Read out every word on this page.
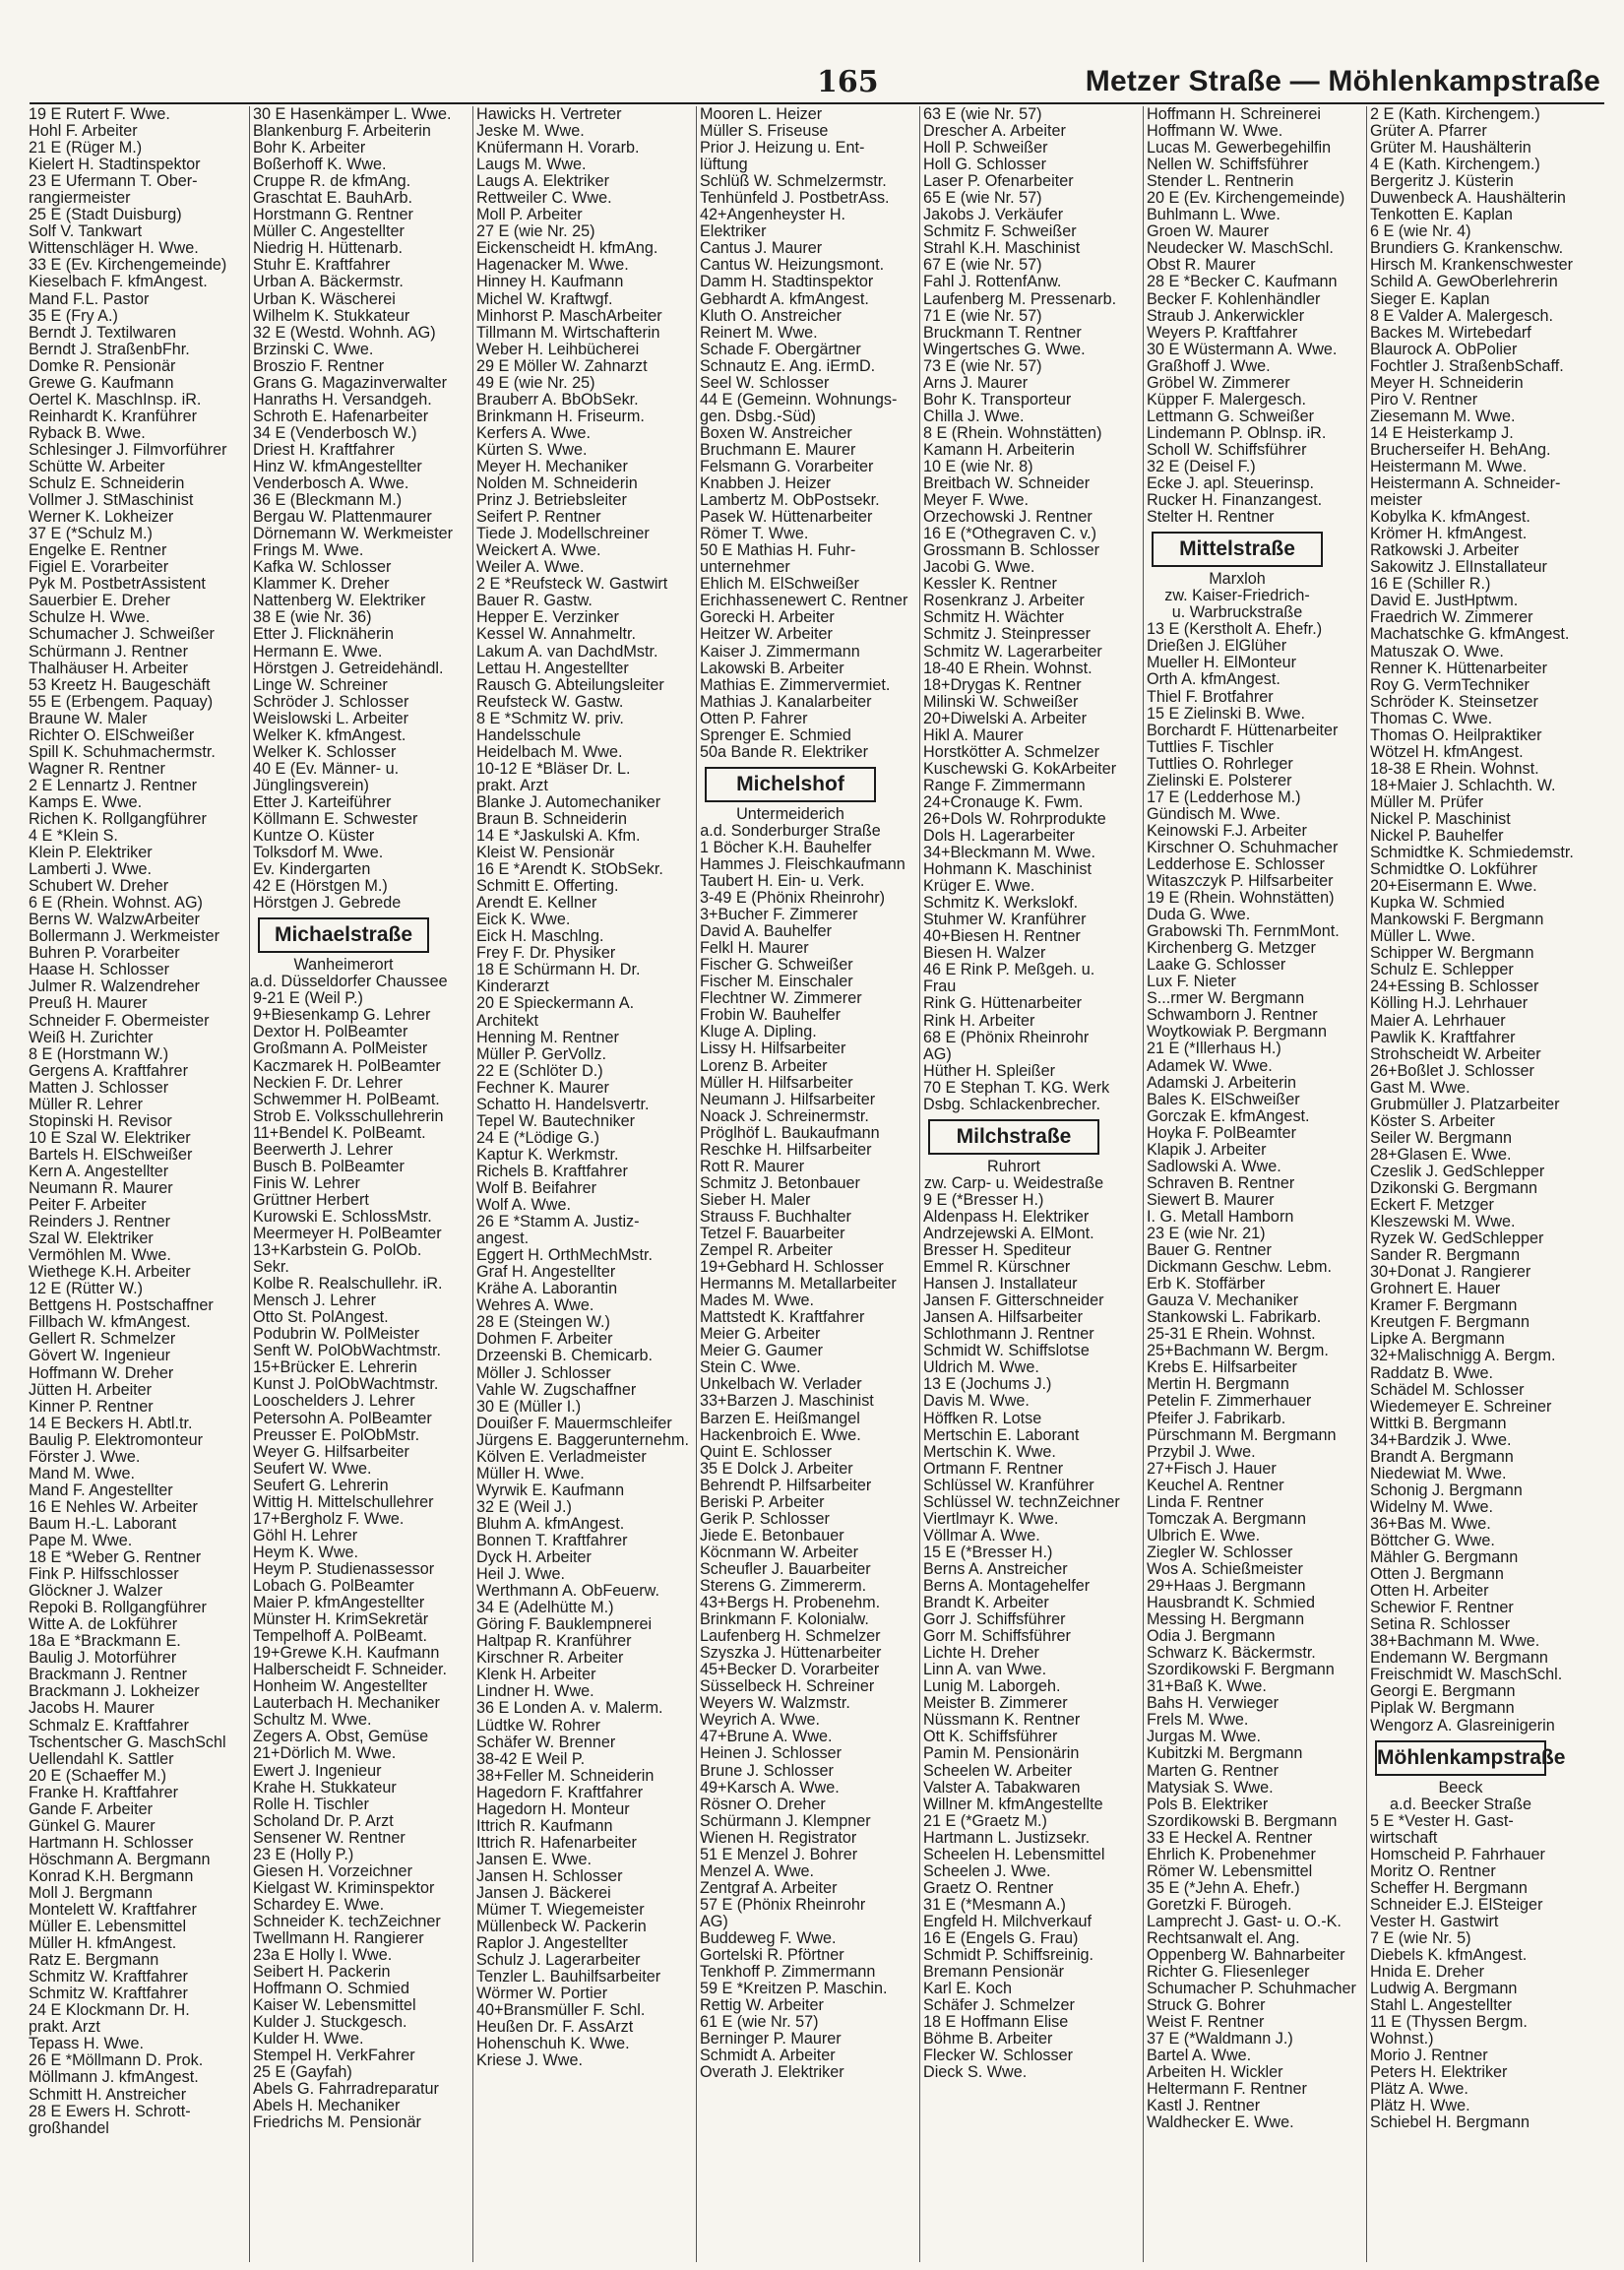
165	Metzer Straße — Möhlenkampstraße
19 E Rutert F. Wwe.
Hohl F. Arbeiter
21 E (Rüger M.)
Kielert H. Stadtinspektor
23 E Ufermann T. Ober-
rangiermeister
25 E (Stadt Duisburg)
Solf V. Tankwart
Wittenschläger H. Wwe.
33 E (Ev. Kirchengemeinde)
Kieselbach F. kfmAngest.
Mand F.L. Pastor
35 E (Fry A.)
Berndt J. Textilwaren
Berndt J. StraßenbFhr.
Domke R. Pensionär
Grewe G. Kaufmann
Oertel K. MaschInsp. iR.
Reinhardt K. Kranführer
Ryback B. Wwe.
Schlesinger J. Filmvorführer
Schütte W. Arbeiter
Schulz E. Schneiderin
Vollmer J. StMaschinist
Werner K. Lokheizer
37 E (*Schulz M.)
Engelke E. Rentner
Figiel E. Vorarbeiter
Pyk M. PostbetrAssistent
Sauerbier E. Dreher
Schulze H. Wwe.
Schumacher J. Schweißer
Schürmann J. Rentner
Thalhäuser H. Arbeiter
53 Kreetz H. Baugeschäft
55 E (Erbengem. Paquay)
Braune W. Maler
Richter O. ElSchweißer
Spill K. Schuhmachermstr.
Wagner R. Rentner
2 E Lennartz J. Rentner
Kamps E. Wwe.
Richen K. Rollgangführer
4 E *Klein S.
Klein P. Elektriker
Lamberti J. Wwe.
Schubert W. Dreher
6 E (Rhein. Wohnst. AG)
Berns W. WalzwArbeiter
Bollermann J. Werkmeister
Buhren P. Vorarbeiter
Haase H. Schlosser
Julmer R. Walzendreher
Preuß H. Maurer
Schneider F. Obermeister
Weiß H. Zurichter
8 E (Horstmann W.)
Gergens A. Kraftfahrer
Matten J. Schlosser
Müller R. Lehrer
Stopinski H. Revisor
10 E Szal W. Elektriker
Bartels H. ElSchweißer
Kern A. Angestellter
Neumann R. Maurer
Peiter F. Arbeiter
Reinders J. Rentner
Szal W. Elektriker
Vermöhlen M. Wwe.
Wiethege K.H. Arbeiter
12 E (Rütter W.)
Bettgens H. Postschaffner
Fillbach W. kfmAngest.
Gellert R. Schmelzer
Gövert W. Ingenieur
Hoffmann W. Dreher
Jütten H. Arbeiter
Kinner P. Rentner
14 E Beckers H. Abtl.tr.
Baulig P. Elektromonteur
Förster J. Wwe.
Mand M. Wwe.
Mand F. Angestellter
16 E Nehles W. Arbeiter
Baum H.-L. Laborant
Pape M. Wwe.
18 E *Weber G. Rentner
Fink P. Hilfsschlosser
Glöckner J. Walzer
Repoki B. Rollgangführer
Witte A. de Lokführer
18a E *Brackmann E.
Baulig J. Motorführer
Brackmann J. Rentner
Brackmann J. Lokheizer
Jacobs H. Maurer
Schmalz E. Kraftfahrer
Tschentscher G. MaschSchl
Uellendahl K. Sattler
20 E (Schaeffer M.)
Franke H. Kraftfahrer
Gande F. Arbeiter
Günkel G. Maurer
Hartmann H. Schlosser
Höschmann A. Bergmann
Konrad K.H. Bergmann
Moll J. Bergmann
Montelett W. Kraftfahrer
Müller E. Lebensmittel
Müller H. kfmAngest.
Ratz E. Bergmann
Schmitz W. Kraftfahrer
Schmitz W. Kraftfahrer
24 E Klockmann Dr. H.
prakt. Arzt
Tepass H. Wwe.
26 E *Möllmann D. Prok.
Möllmann J. kfmAngest.
Schmitt H. Anstreicher
28 E Ewers H. Schrott-
großhandel
30 E Hasenkämper L. Wwe.
Blankenburg F. Arbeiterin
Bohr K. Arbeiter
Boßerhoff K. Wwe.
Cruppe R. de kfmAng.
Graschtat E. BauhArb.
Horstmann G. Rentner
Müller C. Angestellter
Niedrig H. Hüttenarb.
Stuhr E. Kraftfahrer
Urban A. Bäckermstr.
Urban K. Wäscherei
Wilhelm K. Stukkateur
32 E (Westd. Wohnh. AG)
Brzinski C. Wwe.
Broszio F. Rentner
Grans G. Magazinverwalter
Hanraths H. Versandgeh.
Schroth E. Hafenarbeiter
34 E (Venderbosch W.)
Driest H. Kraftfahrer
Hinz W. kfmAngestellter
Venderbosch A. Wwe.
36 E (Bleckmann M.)
Bergau W. Plattenmaurer
Dörnemann W. Werkmeister
Frings M. Wwe.
Kafka W. Schlosser
Klammer K. Dreher
Nattenberg W. Elektriker
38 E (wie Nr. 36)
Etter J. Flicknäherin
Hermann E. Wwe.
Hörstgen J. Getreidehändl.
Linge W. Schreiner
Schröder J. Schlosser
Weislowski L. Arbeiter
Welker K. kfmAngest.
Welker K. Schlosser
40 E (Ev. Männer- u.
Jünglingsverein)
Etter J. Karteiführer
Köllmann E. Schwester
Kuntze O. Küster
Tolksdorf M. Wwe.
Ev. Kindergarten
42 E (Hörstgen M.)
Hörstgen J. Gebrede
Michaelstraße
Wanheimerort
a.d. Düsseldorfer Chaussee
9-21 E (Weil P.)
9+Biesenkamp G. Lehrer
Dextor H. PolBeamter
Großmann A. PolMeister
Kaczmarek H. PolBeamter
Neckien F. Dr. Lehrer
Schwemmer H. PolBeamt.
Strob E. Volksschullehrerin
11+Bendel K. PolBeamt.
Beerwerth J. Lehrer
Busch B. PolBeamter
Finis W. Lehrer
Grüttner Herbert
Kurowski E. SchlossMstr.
Meermeyer H. PolBeamter
13+Karbstein G. PolOb.
Sekr.
Kolbe R. Realschullehr. iR.
Mensch J. Lehrer
Otto St. PolAngest.
Podubrin W. PolMeister
Senft W. PolObWachtmstr.
15+Brücker E. Lehrerin
Kunst J. PolObWachtmstr.
Looschelders J. Lehrer
Petersohn A. PolBeamter
Preusser E. PolObMstr.
Weyer G. Hilfsarbeiter
Seufert W. Wwe.
Seufert G. Lehrerin
Wittig H. Mittelschullehrer
17+Bergholz F. Wwe.
Göhl H. Lehrer
Heym K. Wwe.
Heym P. Studienassessor
Lobach G. PolBeamter
Maier P. kfmAngestellter
Münster H. KrimSekretär
Tempelhoff A. PolBeamt.
19+Grewe K.H. Kaufmann
Halberscheidt F. Schneider.
Honheim W. Angestellter
Lauterbach H. Mechaniker
Schultz M. Wwe.
Zegers A. Obst, Gemüse
21+Dörlich M. Wwe.
Ewert J. Ingenieur
Krahe H. Stukkateur
Rolle H. Tischler
Scholand Dr. P. Arzt
Sensener W. Rentner
23 E (Holly P.)
Giesen H. Vorzeichner
Kielgast W. Kriminspektor
Schardey E. Wwe.
Schneider K. techZeichner
Twellmann H. Rangierer
23a E Holly I. Wwe.
Seibert H. Packerin
Hoffmann O. Schmied
Kaiser W. Lebensmittel
Kulder J. Stuckgesch.
Kulder H. Wwe.
Stempel H. VerkFahrer
25 E (Gayfah)
Abels G. Fahrradreparatur
Abels H. Mechaniker
Friedrichs M. Pensionär
Hawicks H. Vertreter
Jeske M. Wwe.
Knüfermann H. Vorarb.
Laugs M. Wwe.
Laugs A. Elektriker
Rettweiler C. Wwe.
Moll P. Arbeiter
27 E (wie Nr. 25)
Eickenscheidt H. kfmAng.
Hagenacker M. Wwe.
Hinney H. Kaufmann
Michel W. Kraftwgf.
Minhorst P. MaschArbeiter
Tillmann M. Wirtschafterin
Weber H. Leihbücherei
29 E Möller W. Zahnarzt
49 E (wie Nr. 25)
Brauberr A. BbObSekr.
Brinkmann H. Friseurm.
Kerfers A. Wwe.
Kürten S. Wwe.
Meyer H. Mechaniker
Nolden M. Schneiderin
Prinz J. Betriebsleiter
Seifert P. Rentner
Tiede J. Modellschreiner
Weickert A. Wwe.
Weiler A. Wwe.
2 E *Reufsteck W. Gastwirt
Bauer R. Gastw.
Hepper E. Verzinker
Kessel W. Annahmeltr.
Lakum A. van DachdMstr.
Lettau H. Angestellter
Rausch G. Abteilungsleiter
Reufsteck W. Gastw.
8 E *Schmitz W. priv.
Handelsschule
Heidelbach M. Wwe.
10-12 E *Bläser Dr. L.
prakt. Arzt
Blanke J. Automechaniker
Braun B. Schneiderin
14 E *Jaskulski A. Kfm.
Kleist W. Pensionär
16 E *Arendt K. StObSekr.
Schmitt E. Offerting.
Arendt E. Kellner
Eick K. Wwe.
Eick H. Maschlng.
Frey F. Dr. Physiker
18 E Schürmann H. Dr.
Kinderarzt
20 E Spieckermann A.
Architekt
Henning M. Rentner
Müller P. GerVollz.
22 E (Schlöter D.)
Fechner K. Maurer
Schatto H. Handelsvertr.
Tepel W. Bautechniker
24 E (*Lödige G.)
Kaptur K. Werkmstr.
Richels B. Kraftfahrer
Wolf B. Beifahrer
Wolf A. Wwe.
26 E *Stamm A. Justiz-
angest.
Eggert H. OrthMechMstr.
Graf H. Angestellter
Krähe A. Laborantin
Wehres A. Wwe.
28 E (Steingen W.)
Dohmen F. Arbeiter
Drzeenski B. Chemicarb.
Möller J. Schlosser
Vahle W. Zugschaffner
30 E (Müller I.)
Douißer F. Mauermschleifer
Jürgens E. Baggerunternehm.
Kölven E. Verladmeister
Müller H. Wwe.
Wyrwik E. Kaufmann
32 E (Weil J.)
Bluhm A. kfmAngest.
Bonnen T. Kraftfahrer
Dyck H. Arbeiter
Heil J. Wwe.
Werthmann A. ObFeuerw.
34 E (Adelhütte M.)
Göring F. Bauklempnerei
Haltpap R. Kranführer
Kirschner R. Arbeiter
Klenk H. Arbeiter
Lindner H. Wwe.
36 E Londen A. v. Malerm.
Lüdtke W. Rohrer
Schäfer W. Brenner
38-42 E Weil P.
38+Feller M. Schneiderin
Hagedorn F. Kraftfahrer
Hagedorn H. Monteur
Ittrich R. Kaufmann
Ittrich R. Hafenarbeiter
Jansen E. Wwe.
Jansen H. Schlosser
Jansen J. Bäckerei
Mümer T. Wiegemeister
Müllenbeck W. Packerin
Raplor J. Angestellter
Schulz J. Lagerarbeiter
Tenzler L. Bauhilfsarbeiter
Wörmer W. Portier
40+Bransmüller F. Schl.
Heußen Dr. F. AssArzt
Hohenschuh K. Wwe.
Kriese J. Wwe.
Mooren L. Heizer
Müller S. Friseuse
Prior J. Heizung u. Ent-
lüftung
Schlüß W. Schmelzermstr.
Tenhünfeld J. PostbetrAss.
42+Angenheyster H.
Elektriker
Cantus J. Maurer
Cantus W. Heizungsmont.
Damm H. Stadtinspektor
Gebhardt A. kfmAngest.
Kluth O. Anstreicher
Reinert M. Wwe.
Schade F. Obergärtner
Schnautz E. Ang. iErmD.
Seel W. Schlosser
44 E (Gemeinn. Wohnungs-
gen. Dsbg.-Süd)
Boxen W. Anstreicher
Bruchmann E. Maurer
Felsmann G. Vorarbeiter
Knabben J. Heizer
Lambertz M. ObPostsekr.
Pasek W. Hüttenarbeiter
Römer T. Wwe.
50 E Mathias H. Fuhr-
unternehmer
Ehlich M. ElSchweißer
Erichhassenewert C. Rentner
Gorecki H. Arbeiter
Heitzer W. Arbeiter
Kaiser J. Zimmermann
Lakowski B. Arbeiter
Mathias E. Zimmervermiet.
Mathias J. Kanalarbeiter
Otten P. Fahrer
Sprenger E. Schmied
50a Bande R. Elektriker
Michelshof
Untermeiderich
a.d. Sonderburger Straße
1 Böcher K.H. Bauhelfer
Hammes J. Fleischkaufmann
Taubert H. Ein- u. Verk.
3-49 E (Phönix Rheinrohr)
3+Bucher F. Zimmerer
David A. Bauhelfer
Felkl H. Maurer
Fischer G. Schweißer
Fischer M. Einschaler
Flechtner W. Zimmerer
Frobin W. Bauhelfer
Kluge A. Dipling.
Lissy H. Hilfsarbeiter
Lorenz B. Arbeiter
Müller H. Hilfsarbeiter
Neumann J. Hilfsarbeiter
Noack J. Schreinermstr.
Pröglhöf L. Baukaufmann
Reschke H. Hilfsarbeiter
Rott R. Maurer
Schmitz J. Betonbauer
Sieber H. Maler
Strauss F. Buchhalter
Tetzel F. Bauarbeiter
Zempel R. Arbeiter
19+Gebhard H. Schlosser
Hermanns M. Metallarbeiter
Mades M. Wwe.
Mattstedt K. Kraftfahrer
Meier G. Arbeiter
Meier G. Gaumer
Stein C. Wwe.
Unkelbach W. Verlader
33+Barzen J. Maschinist
Barzen E. Heißmangel
Hackenbroich E. Wwe.
Quint E. Schlosser
35 E Dolck J. Arbeiter
Behrendt P. Hilfsarbeiter
Beriski P. Arbeiter
Gerik P. Schlosser
Jiede E. Betonbauer
Köcnmann W. Arbeiter
Scheufler J. Bauarbeiter
Sterens G. Zimmererm.
43+Bergs H. Probenehm.
Brinkmann F. Kolonialw.
Laufenberg H. Schmelzer
Szyszka J. Hüttenarbeiter
45+Becker D. Vorarbeiter
Süsselbeck H. Schreiner
Weyers W. Walzmstr.
Weyrich A. Wwe.
47+Brune A. Wwe.
Heinen J. Schlosser
Brune J. Schlosser
49+Karsch A. Wwe.
Rösner O. Dreher
Schürmann J. Klempner
Wienen H. Registrator
51 E Menzel J. Bohrer
Menzel A. Wwe.
Zentgraf A. Arbeiter
57 E (Phönix Rheinrohr
AG)
Buddeweg F. Wwe.
Gortelski R. Pförtner
Tenkhoff P. Zimmermann
59 E *Kreitzen P. Maschin.
Rettig W. Arbeiter
61 E (wie Nr. 57)
Berninger P. Maurer
Schmidt A. Arbeiter
Overath J. Elektriker
63 E (wie Nr. 57)
Drescher A. Arbeiter
Holl P. Schweißer
Holl G. Schlosser
Laser P. Ofenarbeiter
65 E (wie Nr. 57)
Jakobs J. Verkäufer
Schmitz F. Schweißer
Strahl K.H. Maschinist
67 E (wie Nr. 57)
Fahl J. RottenfAnw.
Laufenberg M. Pressenarb.
71 E (wie Nr. 57)
Bruckmann T. Rentner
Wingertsches G. Wwe.
73 E (wie Nr. 57)
Arns J. Maurer
Bohr K. Transporteur
Chilla J. Wwe.
8 E (Rhein. Wohnstätten)
Kamann H. Arbeiterin
10 E (wie Nr. 8)
Breitbach W. Schneider
Meyer F. Wwe.
Orzechowski J. Rentner
16 E (*Othegraven C. v.)
Grossmann B. Schlosser
Jacobi G. Wwe.
Kessler K. Rentner
Rosenkranz J. Arbeiter
Schmitz H. Wächter
Schmitz J. Steinpresser
Schmitz W. Lagerarbeiter
18-40 E Rhein. Wohnst.
18+Drygas K. Rentner
Milinski W. Schweißer
20+Diwelski A. Arbeiter
Hikl A. Maurer
Horstkötter A. Schmelzer
Kuschewski G. KokArbeiter
Range F. Zimmermann
24+Cronauge K. Fwm.
26+Dols W. Rohrprodukte
Dols H. Lagerarbeiter
34+Bleckmann M. Wwe.
Hohmann K. Maschinist
Krüger E. Wwe.
Schmitz K. Werkslokf.
Stuhmer W. Kranführer
40+Biesen H. Rentner
Biesen H. Walzer
46 E Rink P. Meßgeh. u.
Frau
Rink G. Hüttenarbeiter
Rink H. Arbeiter
68 E (Phönix Rheinrohr
AG)
Hüther H. Spleißer
70 E Stephan T. KG. Werk
Dsbg. Schlackenbrecher.
Milchstraße
Ruhrort
zw. Carp- u. Weidestraße
9 E (*Bresser H.)
Aldenpass H. Elektriker
Andrzejewski A. ElMont.
Bresser H. Spediteur
Emmel R. Kürschner
Hansen J. Installateur
Jansen F. Gitterschneider
Jansen A. Hilfsarbeiter
Schlothmann J. Rentner
Schmidt W. Schiffslotse
Uldrich M. Wwe.
13 E (Jochums J.)
Davis M. Wwe.
Höffken R. Lotse
Mertschin E. Laborant
Mertschin K. Wwe.
Ortmann F. Rentner
Schlüssel W. Kranführer
Schlüssel W. technZeichner
Viertlmayr K. Wwe.
Völlmar A. Wwe.
15 E (*Bresser H.)
Berns A. Anstreicher
Berns A. Montagehelfer
Brandt K. Arbeiter
Gorr J. Schiffsführer
Gorr M. Schiffsführer
Lichte H. Dreher
Linn A. van Wwe.
Lunig M. Laborgeh.
Meister B. Zimmerer
Nüssmann K. Rentner
Ott K. Schiffsführer
Pamin M. Pensionärin
Scheelen W. Arbeiter
Valster A. Tabakwaren
Willner M. kfmAngestellte
21 E (*Graetz M.)
Hartmann L. Justizsekr.
Scheelen H. Lebensmittel
Scheelen J. Wwe.
Graetz O. Rentner
31 E (*Mesmann A.)
Engfeld H. Milchverkauf
16 E (Engels G. Frau)
Schmidt P. Schiffsreinig.
Bremann Pensionär
Karl E. Koch
Schäfer J. Schmelzer
18 E Hoffmann Elise
Böhme B. Arbeiter
Flecker W. Schlosser
Dieck S. Wwe.
Hoffmann H. Schreinerei
Hoffmann W. Wwe.
Lucas M. Gewerbegehilfin
Nellen W. Schiffsführer
Stender L. Rentnerin
20 E (Ev. Kirchengemeinde)
Buhlmann L. Wwe.
Groen W. Maurer
Neudecker W. MaschSchl.
Obst R. Maurer
28 E *Becker C. Kaufmann
Becker F. Kohlenhändler
Straub J. Ankerwickler
Weyers P. Kraftfahrer
30 E Wüstermann A. Wwe.
Graßhoff J. Wwe.
Gröbel W. Zimmerer
Küpper F. Malergesch.
Lettmann G. Schweißer
Lindemann P. Oblnsp. iR.
Scholl W. Schiffsführer
32 E (Deisel F.)
Ecke J. apl. Steuerinsp.
Rucker H. Finanzangest.
Stelter H. Rentner
Mittelstraße
Marxloh
zw. Kaiser-Friedrich-
u. Warbruckstraße
13 E (Kerstholt A. Ehefr.)
Drießen J. ElGlüher
Mueller H. ElMonteur
Orth A. kfmAngest.
Thiel F. Brotfahrer
15 E Zielinski B. Wwe.
Borchardt F. Hüttenarbeiter
Tuttlies F. Tischler
Tuttlies O. Rohrleger
Zielinski E. Polsterer
17 E (Ledderhose M.)
Gündisch M. Wwe.
Keinowski F.J. Arbeiter
Kirschner O. Schuhmacher
Ledderhose E. Schlosser
Witaszczyk P. Hilfsarbeiter
19 E (Rhein. Wohnstätten)
Duda G. Wwe.
Grabowski Th. FernmMont.
Kirchenberg G. Metzger
Laake G. Schlosser
Lux F. Nieter
S...rmer W. Bergmann
Schwamborn J. Rentner
Woytkowiak P. Bergmann
21 E (*Illerhaus H.)
Adamek W. Wwe.
Adamski J. Arbeiterin
Bales K. ElSchweißer
Gorczak E. kfmAngest.
Hoyka F. PolBeamter
Klapik J. Arbeiter
Sadlowski A. Wwe.
Schraven B. Rentner
Siewert B. Maurer
I. G. Metall Hamborn
23 E (wie Nr. 21)
Bauer G. Rentner
Dickmann Geschw. Lebm.
Erb K. Stoffärber
Gauza V. Mechaniker
Stankowski L. Fabrikarb.
25-31 E Rhein. Wohnst.
25+Bachmann W. Bergm.
Krebs E. Hilfsarbeiter
Mertin H. Bergmann
Petelin F. Zimmerhauer
Pfeifer J. Fabrikarb.
Pürschmann M. Bergmann
Przybil J. Wwe.
27+Fisch J. Hauer
Keuchel A. Rentner
Linda F. Rentner
Tomczak A. Bergmann
Ulbrich E. Wwe.
Ziegler W. Schlosser
Wos A. Schießmeister
29+Haas J. Bergmann
Hausbrandt K. Schmied
Messing H. Bergmann
Odia J. Bergmann
Schwarz K. Bäckermstr.
Szordikowski F. Bergmann
31+Baß K. Wwe.
Bahs H. Verwieger
Frels M. Wwe.
Jurgas M. Wwe.
Kubitzki M. Bergmann
Marten G. Rentner
Matysiak S. Wwe.
Pols B. Elektriker
Szordikowski B. Bergmann
33 E Heckel A. Rentner
Ehrlich K. Probenehmer
Römer W. Lebensmittel
35 E (*Jehn A. Ehefr.)
Goretzki F. Bürogeh.
Lamprecht J. Gast- u. O.-K.
Rechtsanwalt el. Ang.
Oppenberg W. Bahnarbeiter
Richter G. Fliesenleger
Schumacher P. Schuhmacher
Struck G. Bohrer
Weist F. Rentner
37 E (*Waldmann J.)
Bartel A. Wwe.
Arbeiten H. Wickler
Heltermann F. Rentner
Kastl J. Rentner
Waldhecker E. Wwe.
2 E (Kath. Kirchengem.)
Grüter A. Pfarrer
Grüter M. Haushälterin
4 E (Kath. Kirchengem.)
Bergeritz J. Küsterin
Duwenbeck A. Haushälterin
Tenkotten E. Kaplan
6 E (wie Nr. 4)
Brundiers G. Krankenschw.
Hirsch M. Krankenschwester
Schild A. GewOberlehrerin
Sieger E. Kaplan
8 E Valder A. Malergesch.
Backes M. Wirtebedarf
Blaurock A. ObPolier
Fochtler J. StraßenbSchaff.
Meyer H. Schneiderin
Piro V. Rentner
Ziesemann M. Wwe.
14 E Heisterkamp J.
Brucherseifer H. BehAng.
Heistermann M. Wwe.
Heistermann A. Schneider-
meister
Kobylka K. kfmAngest.
Krömer H. kfmAngest.
Ratkowski J. Arbeiter
Sakowitz J. ElInstallateur
16 E (Schiller R.)
David E. JustHptwm.
Fraedrich W. Zimmerer
Machatschke G. kfmAngest.
Matuszak O. Wwe.
Renner K. Hüttenarbeiter
Roy G. VermTechniker
Schröder K. Steinsetzer
Thomas C. Wwe.
Thomas O. Heilpraktiker
Wötzel H. kfmAngest.
18-38 E Rhein. Wohnst.
18+Maier J. Schlachth. W.
Müller M. Prüfer
Nickel P. Maschinist
Nickel P. Bauhelfer
Schmidtke K. Schmiedemstr.
Schmidtke O. Lokführer
20+Eisermann E. Wwe.
Kupka W. Schmied
Mankowski F. Bergmann
Müller L. Wwe.
Schipper W. Bergmann
Schulz E. Schlepper
24+Essing B. Schlosser
Kölling H.J. Lehrhauer
Maier A. Lehrhauer
Pawlik K. Kraftfahrer
Strohscheidt W. Arbeiter
26+Boßlet J. Schlosser
Gast M. Wwe.
Grubmüller J. Platzarbeiter
Köster S. Arbeiter
Seiler W. Bergmann
28+Glasen E. Wwe.
Czeslik J. GedSchlepper
Dzikonski G. Bergmann
Eckert F. Metzger
Kleszewski M. Wwe.
Ryzek W. GedSchlepper
Sander R. Bergmann
30+Donat J. Rangierer
Grohnert E. Hauer
Kramer F. Bergmann
Kreutgen F. Bergmann
Lipke A. Bergmann
32+Malischnigg A. Bergm.
Raddatz B. Wwe.
Schädel M. Schlosser
Wiedemeyer E. Schreiner
Wittki B. Bergmann
34+Bardzik J. Wwe.
Brandt A. Bergmann
Niedewiat M. Wwe.
Schonig J. Bergmann
Widelny M. Wwe.
36+Bas M. Wwe.
Böttcher G. Wwe.
Mähler G. Bergmann
Otten J. Bergmann
Otten H. Arbeiter
Schewior F. Rentner
Setina R. Schlosser
38+Bachmann M. Wwe.
Endemann W. Bergmann
Freischmidt W. MaschSchl.
Georgi E. Bergmann
Piplak W. Bergmann
Wengorz A. Glasreinigerin
Möhlenkampstraße
Beeck
a.d. Beecker Straße
5 E *Vester H. Gast-
wirtschaft
Homscheid P. Fahrhauer
Moritz O. Rentner
Scheffer H. Bergmann
Schneider E.J. ElSteiger
Vester H. Gastwirt
7 E (wie Nr. 5)
Diebels K. kfmAngest.
Hnida E. Dreher
Ludwig A. Bergmann
Stahl L. Angestellter
11 E (Thyssen Bergm.
Wohnst.)
Morio J. Rentner
Peters H. Elektriker
Plätz A. Wwe.
Plätz H. Wwe.
Schiebel H. Bergmann
